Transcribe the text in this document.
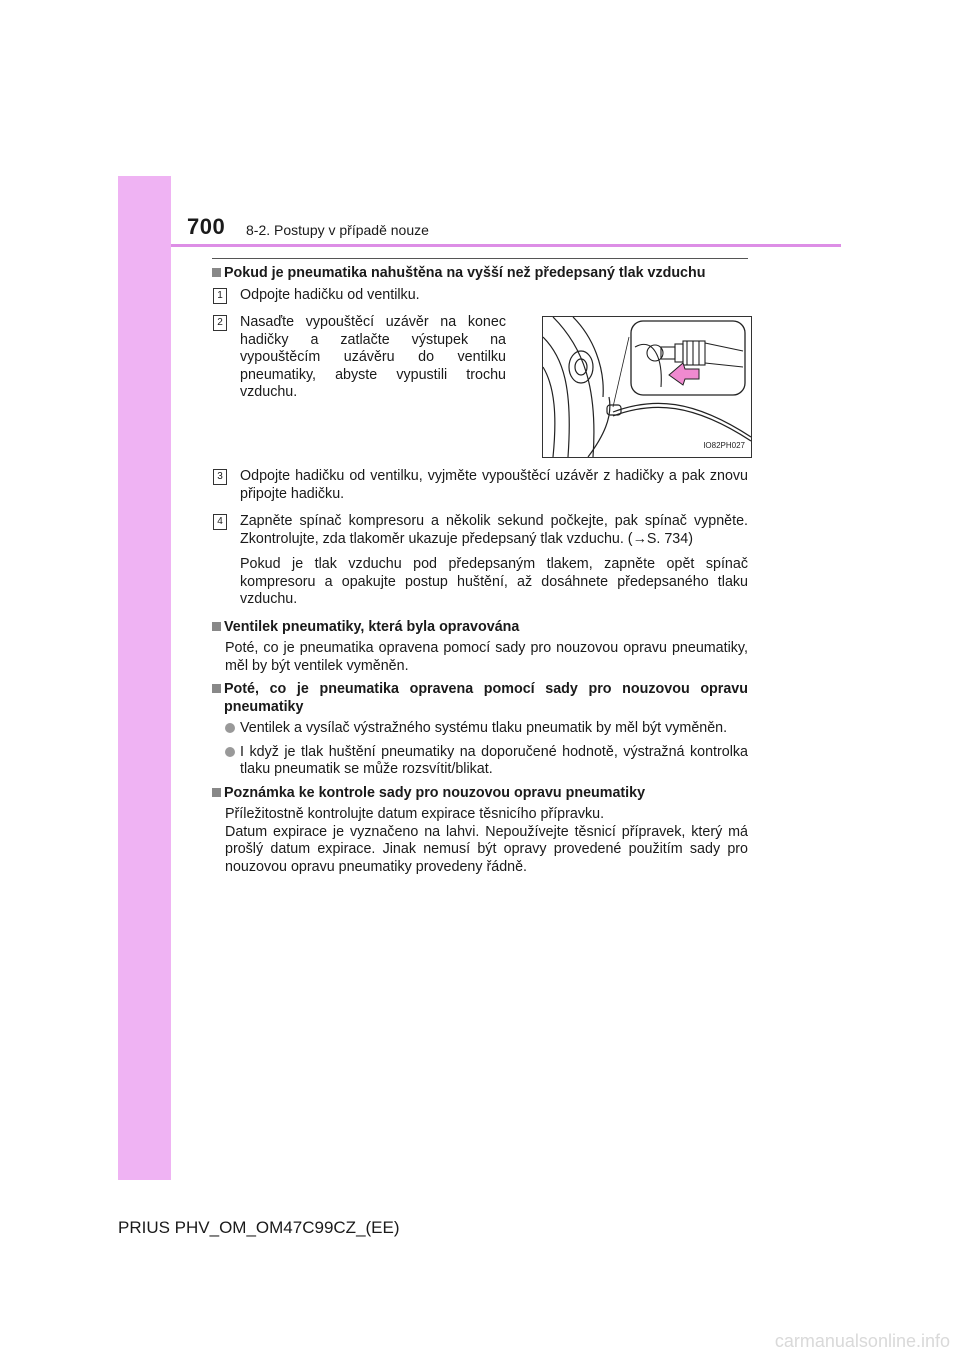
700 8-2. Postupy v případě nouze
Pokud je pneumatika nahuštěna na vyšší než předepsaný tlak vzduchu
1 Odpojte hadičku od ventilku.

2 Nasaďte vypouštěcí uzávěr na konec hadičky a zatlačte výstupek na vypouštěcím uzávěru do ventilku pneumatiky, abyste vypustili trochu vzduchu.

IO82PH027
3 Odpojte hadičku od ventilku, vyjměte vypouštěcí uzávěr z hadičky a pak znovu připojte hadičku.

4 Zapněte spínač kompresoru a několik sekund počkejte, pak spínač vypněte. Zkontrolujte, zda tlakoměr ukazuje předepsaný tlak vzduchu. (→S. 734)

Pokud je tlak vzduchu pod předepsaným tlakem, zapněte opět spínač kompresoru a opakujte postup huštění, až dosáhnete předepsaného tlaku vzduchu.

Ventilek pneumatiky, která byla opravována

Poté, co je pneumatika opravena pomocí sady pro nouzovou opravu pneumatiky, měl by být ventilek vyměněn.

Poté, co je pneumatika opravena pomocí sady pro nouzovou opravu pneumatiky
Ventilek a vysílač výstražného systému tlaku pneumatik by měl být vyměněn.
I když je tlak huštění pneumatiky na doporučené hodnotě, výstražná kontrolka tlaku pneumatik se může rozsvítit/blikat.
Poznámka ke kontrole sady pro nouzovou opravu pneumatiky

Příležitostně kontrolujte datum expirace těsnicího přípravku.

Datum expirace je vyznačeno na lahvi. Nepoužívejte těsnicí přípravek, který má prošlý datum expirace. Jinak nemusí být opravy provedené použitím sady pro nouzovou opravu pneumatiky provedeny řádně.

PRIUS PHV_OM_OM47C99CZ_(EE)
carmanualsonline.info
